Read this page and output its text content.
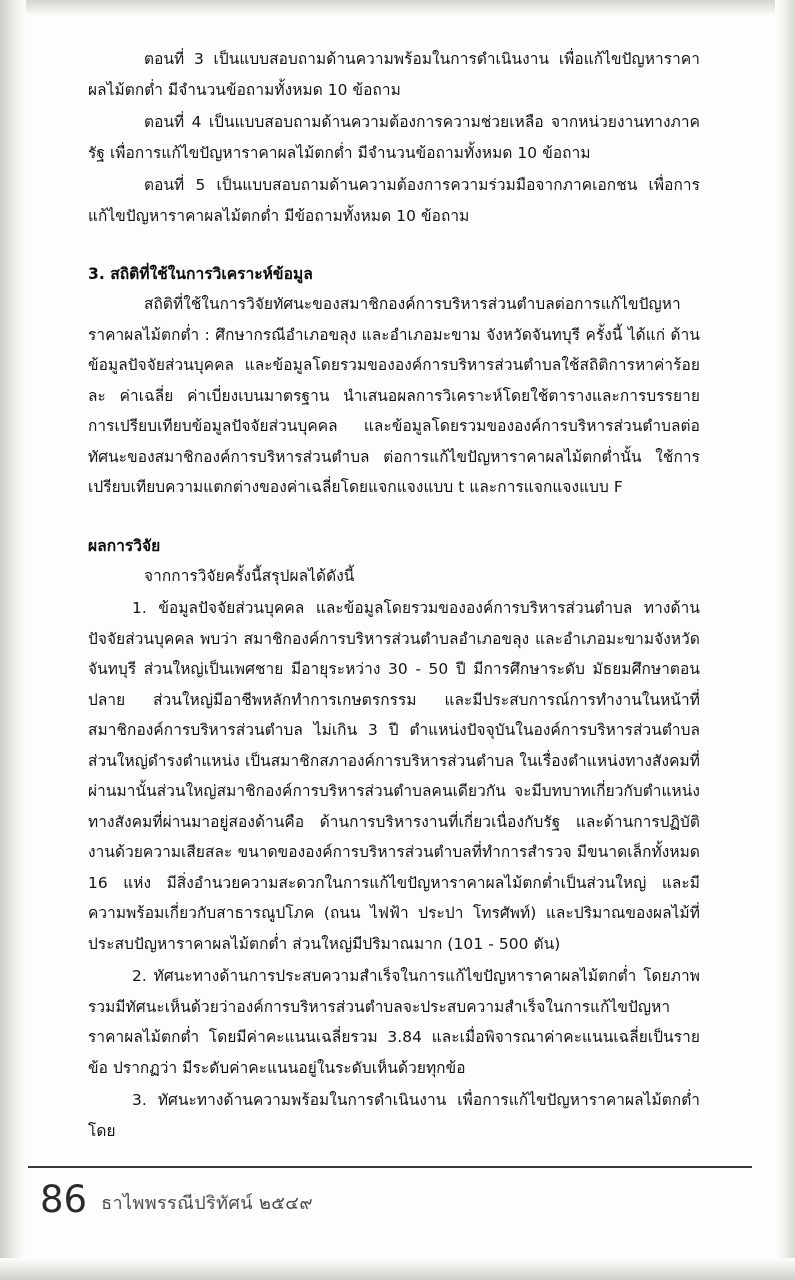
ตอนที่ 3 เป็นแบบสอบถามด้านความพร้อมในการดำเนินงาน เพื่อแก้ไขปัญหาราคาผลไม้ตกต่ำ มีจำนวนข้อถามทั้งหมด 10 ข้อถาม

ตอนที่ 4 เป็นแบบสอบถามด้านความต้องการความช่วยเหลือ จากหน่วยงานทางภาครัฐ เพื่อการแก้ไขปัญหาราคาผลไม้ตกต่ำ มีจำนวนข้อถามทั้งหมด 10 ข้อถาม

ตอนที่ 5 เป็นแบบสอบถามด้านความต้องการความร่วมมือจากภาคเอกชน เพื่อการแก้ไขปัญหาราคาผลไม้ตกต่ำ มีข้อถามทั้งหมด 10 ข้อถาม

3. สถิติที่ใช้ในการวิเคราะห์ข้อมูล

สถิติที่ใช้ในการวิจัยทัศนะของสมาชิกองค์การบริหารส่วนตำบลต่อการแก้ไขปัญหาราคาผลไม้ตกต่ำ : ศึกษากรณีอำเภอขลุง และอำเภอมะขาม จังหวัดจันทบุรี ครั้งนี้ ได้แก่ ด้านข้อมูลปัจจัยส่วนบุคคล และข้อมูลโดยรวมขององค์การบริหารส่วนตำบลใช้สถิติการหาค่าร้อยละ ค่าเฉลี่ย ค่าเบี่ยงเบนมาตรฐาน นำเสนอผลการวิเคราะห์โดยใช้ตารางและการบรรยาย การเปรียบเทียบข้อมูลปัจจัยส่วนบุคคล และข้อมูลโดยรวมขององค์การบริหารส่วนตำบลต่อทัศนะของสมาชิกองค์การบริหารส่วนตำบล ต่อการแก้ไขปัญหาราคาผลไม้ตกต่ำนั้น ใช้การเปรียบเทียบความแตกต่างของค่าเฉลี่ยโดยแจกแจงแบบ t และการแจกแจงแบบ F

ผลการวิจัย

จากการวิจัยครั้งนี้สรุปผลได้ดังนี้

1. ข้อมูลปัจจัยส่วนบุคคล และข้อมูลโดยรวมขององค์การบริหารส่วนตำบล ทางด้านปัจจัยส่วนบุคคล พบว่า สมาชิกองค์การบริหารส่วนตำบลอำเภอขลุง และอำเภอมะขามจังหวัดจันทบุรี ส่วนใหญ่เป็นเพศชาย มีอายุระหว่าง 30 - 50 ปี มีการศึกษาระดับ มัธยมศึกษาตอนปลาย ส่วนใหญ่มีอาชีพหลักทำการเกษตรกรรม และมีประสบการณ์การทำงานในหน้าที่สมาชิกองค์การบริหารส่วนตำบล ไม่เกิน 3 ปี ตำแหน่งปัจจุบันในองค์การบริหารส่วนตำบลส่วนใหญ่ดำรงตำแหน่ง เป็นสมาชิกสภาองค์การบริหารส่วนตำบล ในเรื่องตำแหน่งทางสังคมที่ผ่านมานั้นส่วนใหญ่สมาชิกองค์การบริหารส่วนตำบลคนเดียวกัน จะมีบทบาทเกี่ยวกับตำแหน่งทางสังคมที่ผ่านมาอยู่สองด้านคือ ด้านการบริหารงานที่เกี่ยวเนื่องกับรัฐ และด้านการปฏิบัติงานด้วยความเสียสละ ขนาดขององค์การบริหารส่วนตำบลที่ทำการสำรวจ มีขนาดเล็กทั้งหมด 16 แห่ง มีสิ่งอำนวยความสะดวกในการแก้ไขปัญหาราคาผลไม้ตกต่ำเป็นส่วนใหญ่ และมีความพร้อมเกี่ยวกับสาธารณูปโภค (ถนน ไฟฟ้า ประปา โทรศัพท์) และปริมาณของผลไม้ที่ประสบปัญหาราคาผลไม้ตกต่ำ ส่วนใหญ่มีปริมาณมาก (101 - 500 ตัน)

2. ทัศนะทางด้านการประสบความสำเร็จในการแก้ไขปัญหาราคาผลไม้ตกต่ำ โดยภาพรวมมีทัศนะเห็นด้วยว่าองค์การบริหารส่วนตำบลจะประสบความสำเร็จในการแก้ไขปัญหาราคาผลไม้ตกต่ำ โดยมีค่าคะแนนเฉลี่ยรวม 3.84 และเมื่อพิจารณาค่าคะแนนเฉลี่ยเป็นรายข้อ ปรากฏว่า มีระดับค่าคะแนนอยู่ในระดับเห็นด้วยทุกข้อ

3. ทัศนะทางด้านความพร้อมในการดำเนินงาน เพื่อการแก้ไขปัญหาราคาผลไม้ตกต่ำ โดย

86 ธาไพพรรณีปริทัศน์ ๒๕๔๙
